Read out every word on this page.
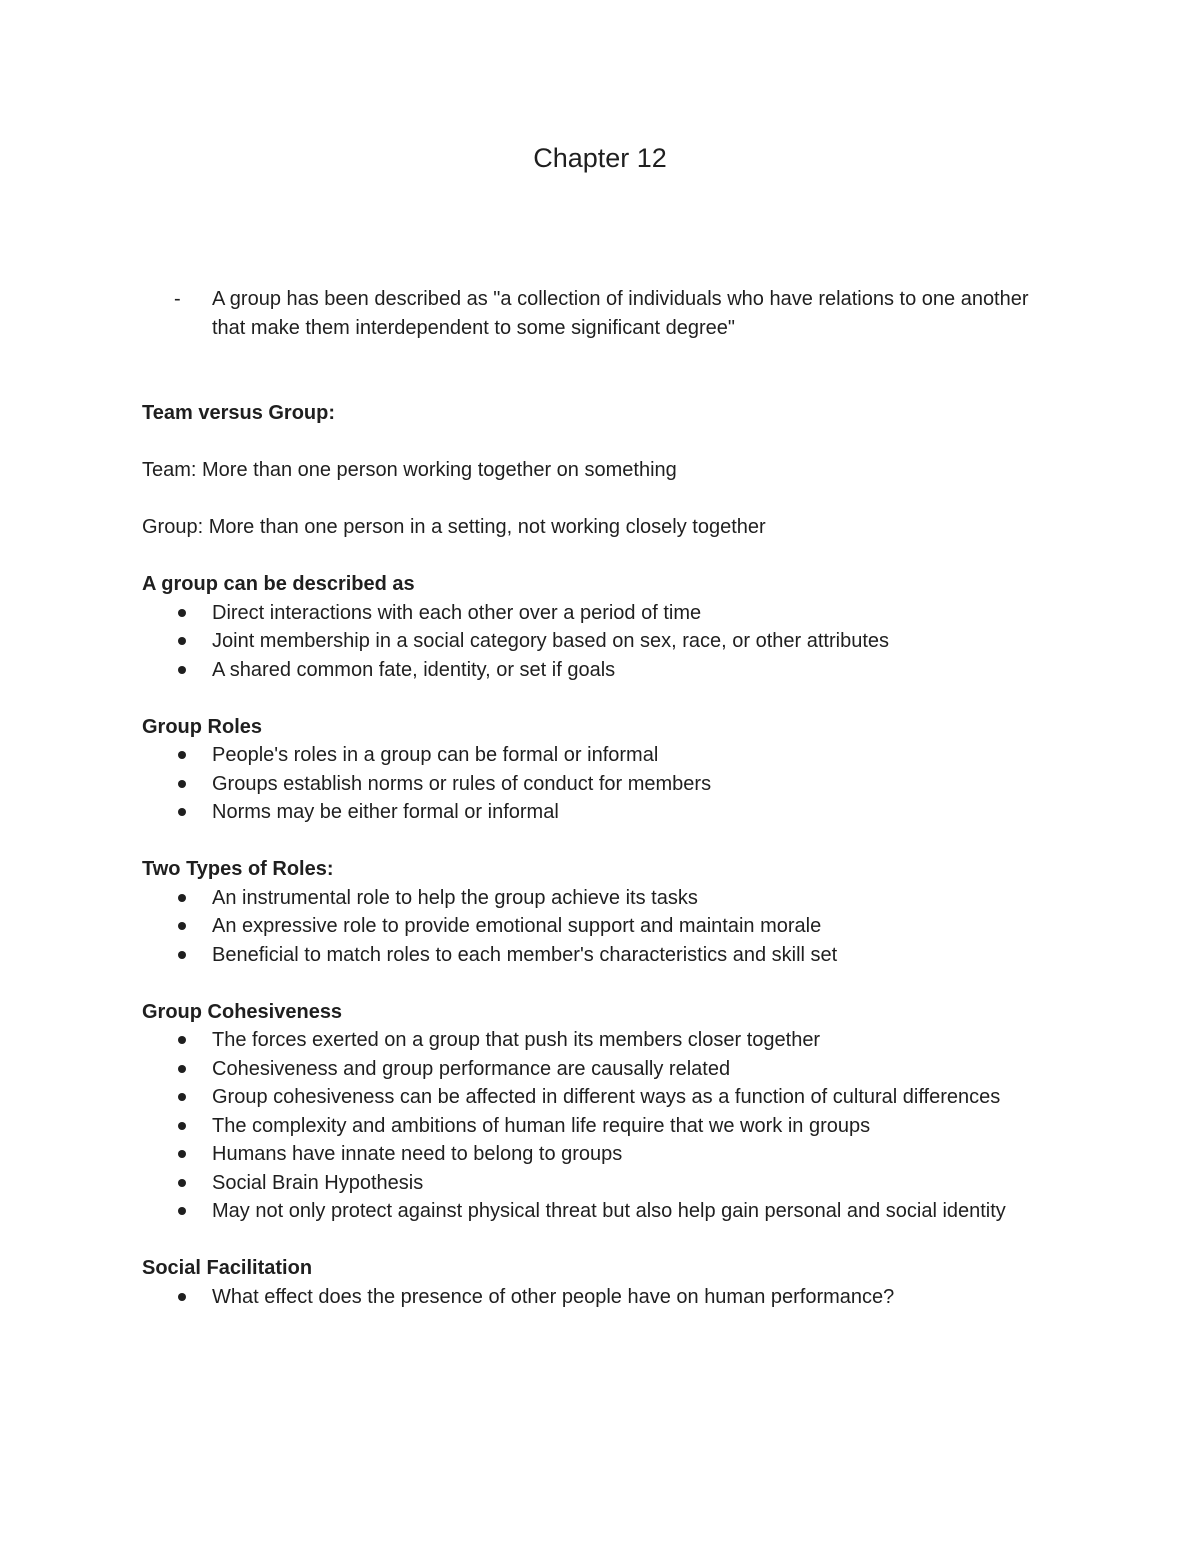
Chapter 12
-	A group has been described as "a collection of individuals who have relations to one another that make them interdependent to some significant degree"

Team versus Group:

Team: More than one person working together on something

Group: More than one person in a setting, not working closely together

A group can be described as

Direct interactions with each other over a period of time
Joint membership in a social category based on sex, race, or other attributes
A shared common fate, identity, or set if goals

Group Roles

People's roles in a group can be formal or informal
Groups establish norms or rules of conduct for members
Norms may be either formal or informal

Two Types of Roles:

An instrumental role to help the group achieve its tasks
An expressive role to provide emotional support and maintain morale
Beneficial to match roles to each member's characteristics and skill set

Group Cohesiveness

The forces exerted on a group that push its members closer together
Cohesiveness and group performance are causally related
Group cohesiveness can be affected in different ways as a function of cultural differences
The complexity and ambitions of human life require that we work in groups
Humans have innate need to belong to groups
Social Brain Hypothesis
May not only protect against physical threat but also help gain personal and social identity

Social Facilitation

What effect does the presence of other people have on human performance?
